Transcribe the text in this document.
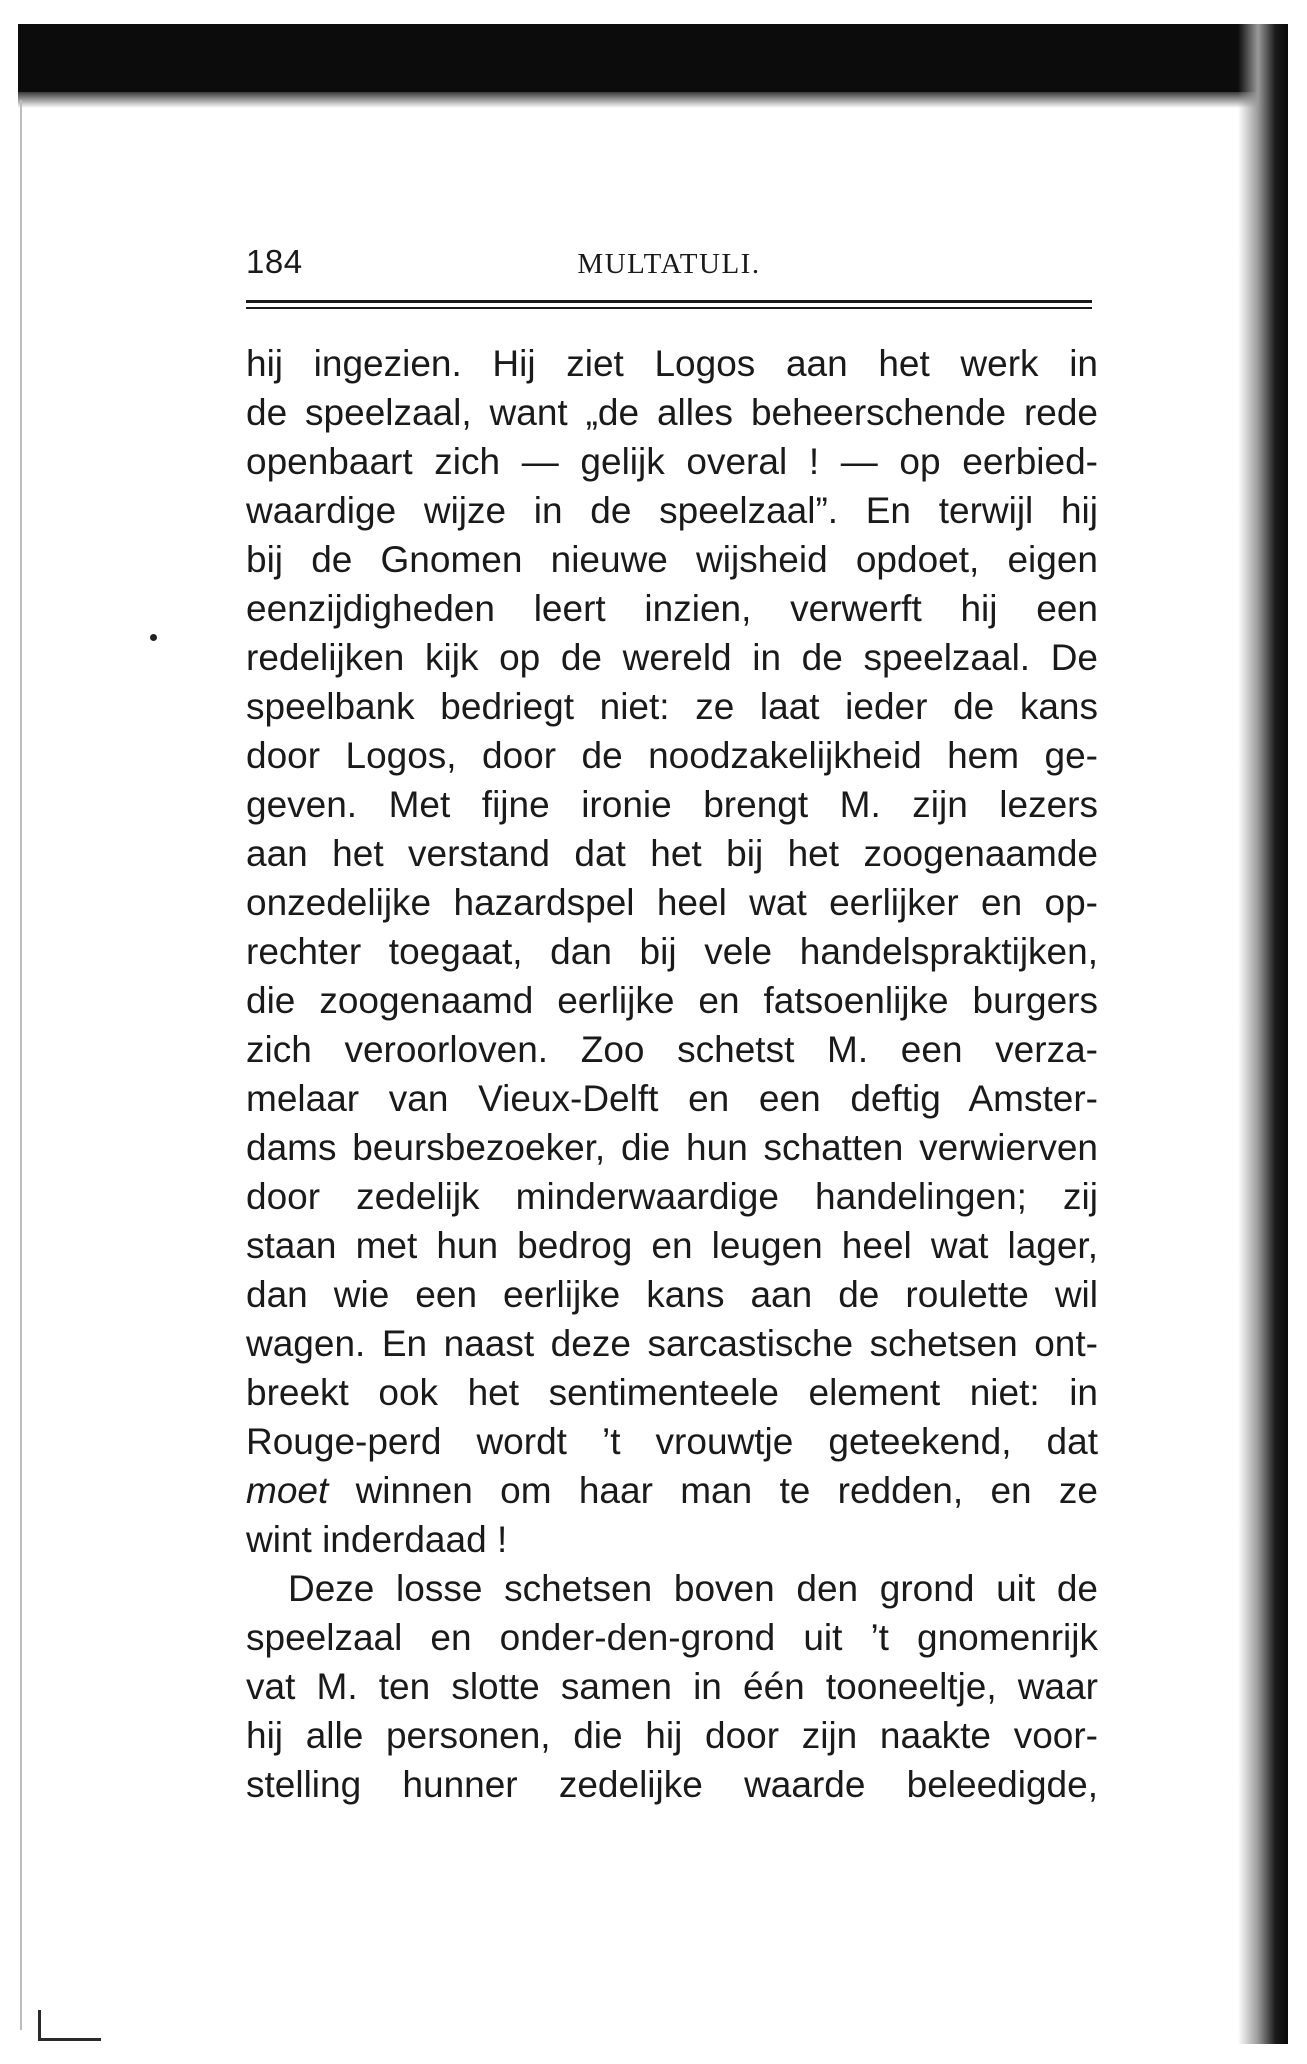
184	MULTATULI.
hij ingezien. Hij ziet Logos aan het werk in
de speelzaal, want „de alles beheerschende rede
openbaart zich — gelijk overal ! — op eerbied-
waardige wijze in de speelzaal”. En terwijl hij
bij de Gnomen nieuwe wijsheid opdoet, eigen
eenzijdigheden leert inzien, verwerft hij een
redelijken kijk op de wereld in de speelzaal. De
speelbank bedriegt niet: ze laat ieder de kans
door Logos, door de noodzakelijkheid hem ge-
geven. Met fijne ironie brengt M. zijn lezers
aan het verstand dat het bij het zoogenaamde
onzedelijke hazardspel heel wat eerlijker en op-
rechter toegaat, dan bij vele handelspraktijken,
die zoogenaamd eerlijke en fatsoenlijke burgers
zich veroorloven. Zoo schetst M. een verza-
melaar van Vieux-Delft en een deftig Amster-
dams beursbezoeker, die hun schatten verwierven
door zedelijk minderwaardige handelingen; zij
staan met hun bedrog en leugen heel wat lager,
dan wie een eerlijke kans aan de roulette wil
wagen. En naast deze sarcastische schetsen ont-
breekt ook het sentimenteele element niet: in
Rouge-perd wordt ’t vrouwtje geteekend, dat
moet winnen om haar man te redden, en ze
wint inderdaad !
Deze losse schetsen boven den grond uit de
speelzaal en onder-den-grond uit ’t gnomenrijk
vat M. ten slotte samen in één tooneeltje, waar
hij alle personen, die hij door zijn naakte voor-
stelling hunner zedelijke waarde beleedigde,
